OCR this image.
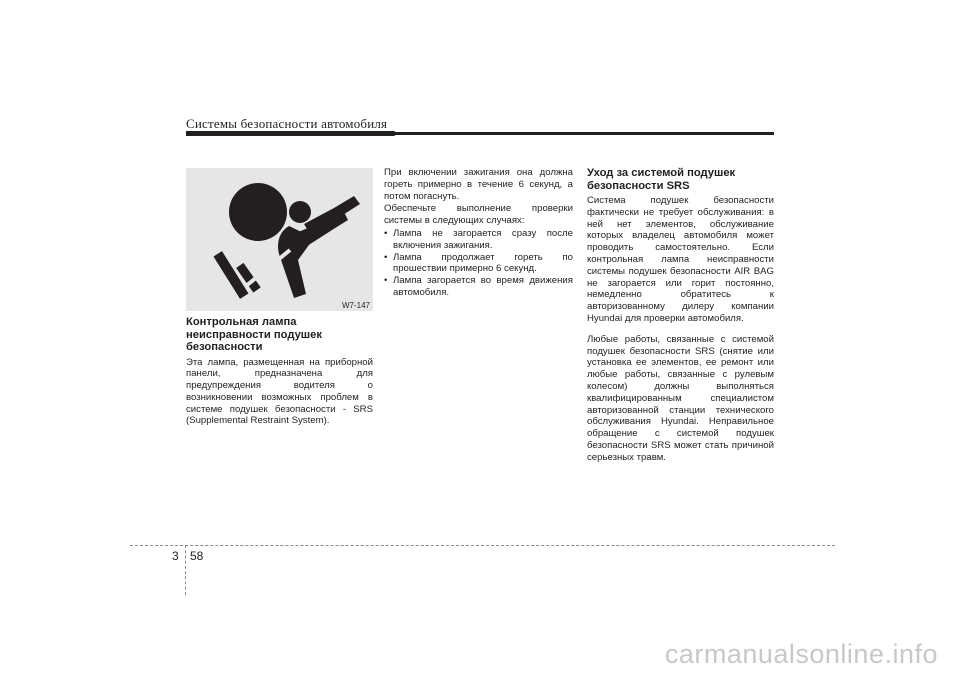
Системы безопасности автомобиля
W7-147
Контрольная лампа неисправности подушек безопасности

Эта лампа, размещенная на приборной панели, предназначена для предупреждения водителя о возникновении возможных проблем в системе подушек безопасности - SRS (Supplemental Restraint System).

При включении зажигания она должна гореть примерно в течение 6 секунд, а потом погаснуть.

Обеспечьте выполнение проверки системы в следующих случаях:

• Лампа не загорается сразу после включения зажигания.
• Лампа продолжает гореть по прошествии примерно 6 секунд.
• Лампа загорается во время движения автомобиля.
Уход за системой подушек безопасности SRS

Система подушек безопасности фактически не требует обслуживания: в ней нет элементов, обслуживание которых владелец автомобиля может проводить самостоятельно. Если контрольная лампа неисправности системы подушек безопасности AIR BAG не загорается или горит постоянно, немедленно обратитесь к авторизованному дилеру компании Hyundai для проверки автомобиля.

Любые работы, связанные с системой подушек безопасности SRS (снятие или установка ее элементов, ее ремонт или любые работы, связанные с рулевым колесом) должны выполняться квалифицированным специалистом авторизованной станции технического обслуживания Hyundai. Неправильное обращение с системой подушек безопасности SRS может стать причиной серьезных травм.

3 58
carmanualsonline.info
